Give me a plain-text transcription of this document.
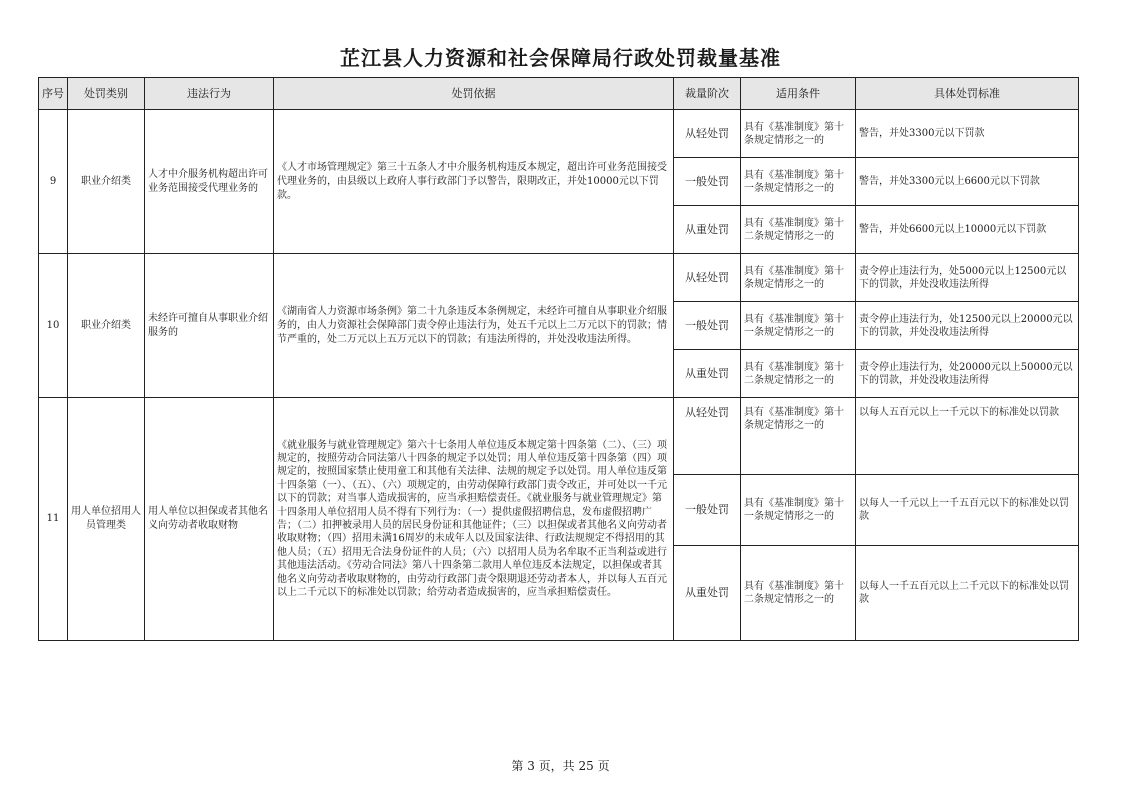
芷江县人力资源和社会保障局行政处罚裁量基准
序号	处罚类别	违法行为	处罚依据	裁量阶次	适用条件	具体处罚标准
9	职业介绍类	人才中介服务机构超出许可业务范围接受代理业务的	《人才市场管理规定》第三十五条人才中介服务机构违反本规定，超出许可业务范围接受代理业务的，由县级以上政府人事行政部门予以警告，限期改正，并处10000元以下罚款。	从轻处罚	具有《基准制度》第十条规定情形之一的	警告，并处3300元以下罚款
				一般处罚	具有《基准制度》第十一条规定情形之一的	警告，并处3300元以上6600元以下罚款
				从重处罚	具有《基准制度》第十二条规定情形之一的	警告，并处6600元以上10000元以下罚款
10	职业介绍类	未经许可擅自从事职业介绍服务的	《湖南省人力资源市场条例》第二十九条违反本条例规定，未经许可擅自从事职业介绍服务的，由人力资源社会保障部门责令停止违法行为，处五千元以上二万元以下的罚款；情节严重的，处二万元以上五万元以下的罚款；有违法所得的，并处没收违法所得。	从轻处罚	具有《基准制度》第十条规定情形之一的	责令停止违法行为，处5000元以上12500元以下的罚款，并处没收违法所得
				一般处罚	具有《基准制度》第十一条规定情形之一的	责令停止违法行为，处12500元以上20000元以下的罚款，并处没收违法所得
				从重处罚	具有《基准制度》第十二条规定情形之一的	责令停止违法行为，处20000元以上50000元以下的罚款，并处没收违法所得
11	用人单位招用人员管理类	用人单位以担保或者其他名义向劳动者收取财物	《就业服务与就业管理规定》第六十七条用人单位违反本规定第十四条第（二）、（三）项规定的，按照劳动合同法第八十四条的规定予以处罚；用人单位违反第十四条第（四）项规定的，按照国家禁止使用童工和其他有关法律、法规的规定予以处罚。用人单位违反第十四条第（一）、（五）、（六）项规定的，由劳动保障行政部门责令改正，并可处以一千元以下的罚款；对当事人造成损害的，应当承担赔偿责任。《就业服务与就业管理规定》第十四条用人单位招用人员不得有下列行为：（一）提供虚假招聘信息，发布虚假招聘广告；（二）扣押被录用人员的居民身份证和其他证件；（三）以担保或者其他名义向劳动者收取财物；（四）招用未满16周岁的未成年人以及国家法律、行政法规规定不得招用的其他人员；（五）招用无合法身份证件的人员；（六）以招用人员为名牟取不正当利益或进行其他违法活动。《劳动合同法》第八十四条第二款用人单位违反本法规定，以担保或者其他名义向劳动者收取财物的，由劳动行政部门责令限期退还劳动者本人，并以每人五百元以上二千元以下的标准处以罚款；给劳动者造成损害的，应当承担赔偿责任。	从轻处罚	具有《基准制度》第十条规定情形之一的	以每人五百元以上一千元以下的标准处以罚款
				一般处罚	具有《基准制度》第十一条规定情形之一的	以每人一千元以上一千五百元以下的标准处以罚款
				从重处罚	具有《基准制度》第十二条规定情形之一的	以每人一千五百元以上二千元以下的标准处以罚款
第 3 页，共 25 页
